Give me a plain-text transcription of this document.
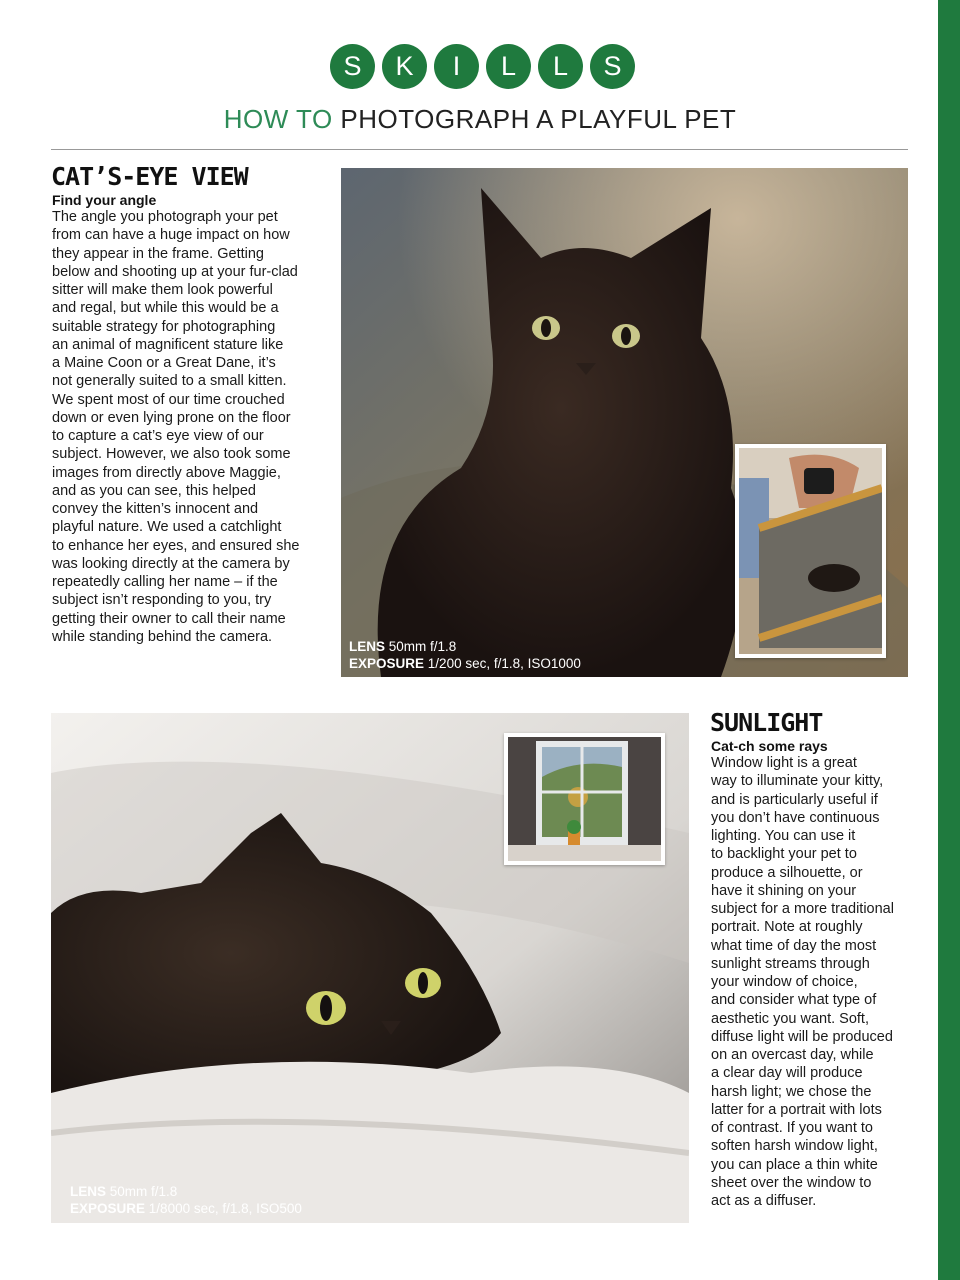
S	K	I	L	L	S
HOW TO PHOTOGRAPH A PLAYFUL PET
CAT’S-EYE VIEW
Find your angle
The angle you photograph your pet
from can have a huge impact on how
they appear in the frame. Getting
below and shooting up at your fur-clad
sitter will make them look powerful
and regal, but while this would be a
suitable strategy for photographing
an animal of magnificent stature like
a Maine Coon or a Great Dane, it’s
not generally suited to a small kitten.
We spent most of our time crouched
down or even lying prone on the floor
to capture a cat’s eye view of our
subject. However, we also took some
images from directly above Maggie,
and as you can see, this helped
convey the kitten’s innocent and
playful nature. We used a catchlight
to enhance her eyes, and ensured she
was looking directly at the camera by
repeatedly calling her name – if the
subject isn’t responding to you, try
getting their owner to call their name
while standing behind the camera.
LENS 50mm f/1.8
EXPOSURE 1/200 sec, f/1.8, ISO1000
LENS 50mm f/1.8
EXPOSURE 1/8000 sec, f/1.8, ISO500
SUNLIGHT
Cat-ch some rays
Window light is a great
way to illuminate your kitty,
and is particularly useful if
you don’t have continuous
lighting. You can use it
to backlight your pet to
produce a silhouette, or
have it shining on your
subject for a more traditional
portrait. Note at roughly
what time of day the most
sunlight streams through
your window of choice,
and consider what type of
aesthetic you want. Soft,
diffuse light will be produced
on an overcast day, while
a clear day will produce
harsh light; we chose the
latter for a portrait with lots
of contrast. If you want to
soften harsh window light,
you can place a thin white
sheet over the window to
act as a diffuser.
